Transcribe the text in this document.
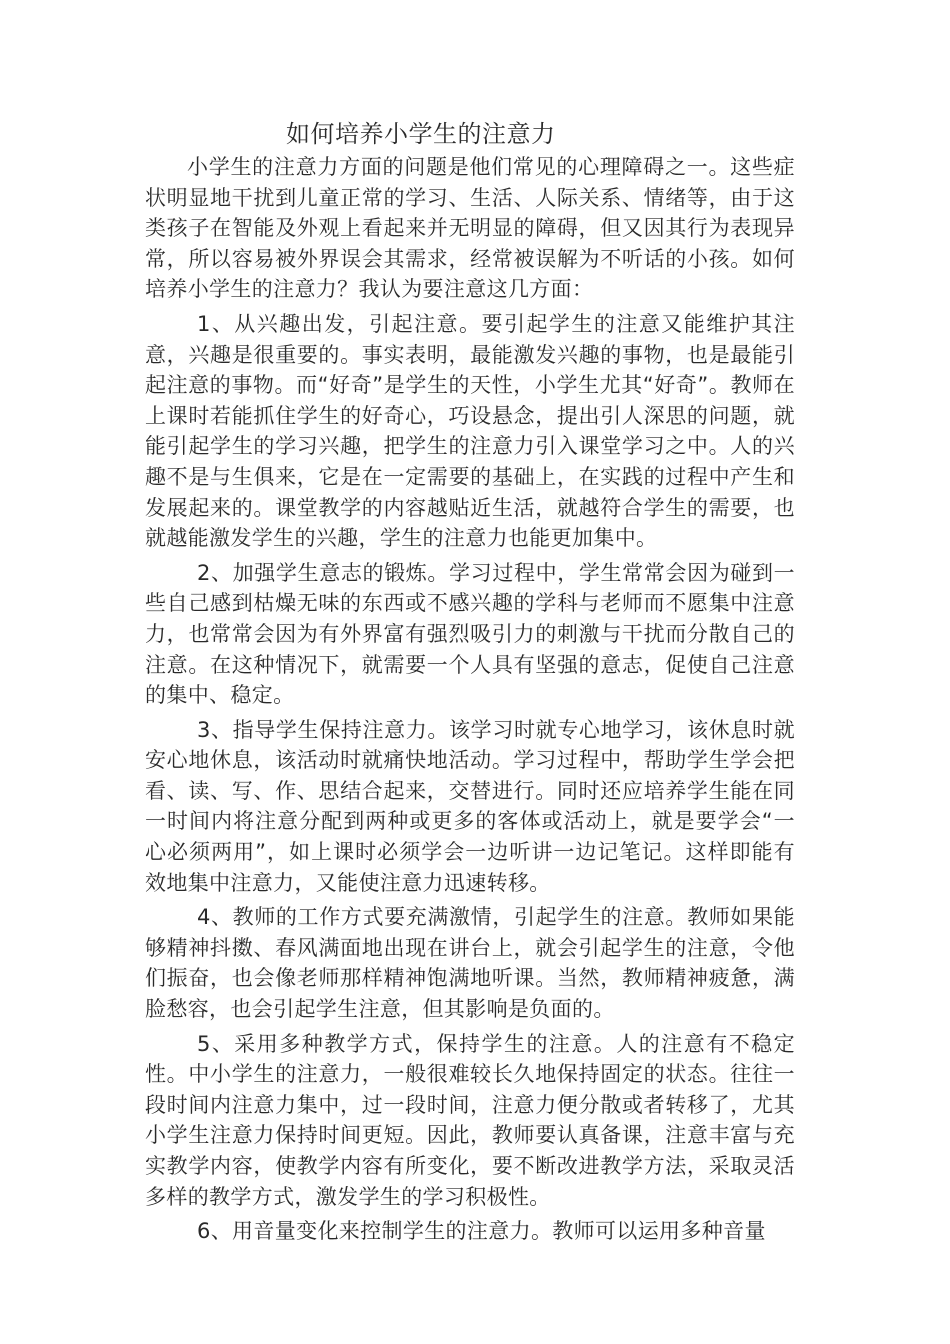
如何培养小学生的注意力

小学生的注意力方面的问题是他们常见的心理障碍之一。这些症状明显地干扰到儿童正常的学习、生活、人际关系、情绪等，由于这类孩子在智能及外观上看起来并无明显的障碍，但又因其行为表现异常，所以容易被外界误会其需求，经常被误解为不听话的小孩。如何培养小学生的注意力？我认为要注意这几方面：

1、从兴趣出发，引起注意。要引起学生的注意又能维护其注意，兴趣是很重要的。事实表明，最能激发兴趣的事物，也是最能引起注意的事物。而“好奇”是学生的天性，小学生尤其“好奇”。教师在上课时若能抓住学生的好奇心，巧设悬念，提出引人深思的问题，就能引起学生的学习兴趣，把学生的注意力引入课堂学习之中。人的兴趣不是与生俱来，它是在一定需要的基础上，在实践的过程中产生和发展起来的。课堂教学的内容越贴近生活，就越符合学生的需要，也就越能激发学生的兴趣，学生的注意力也能更加集中。

2、加强学生意志的锻炼。学习过程中，学生常常会因为碰到一些自己感到枯燥无味的东西或不感兴趣的学科与老师而不愿集中注意力，也常常会因为有外界富有强烈吸引力的刺激与干扰而分散自己的注意。在这种情况下，就需要一个人具有坚强的意志，促使自己注意的集中、稳定。

3、指导学生保持注意力。该学习时就专心地学习，该休息时就安心地休息，该活动时就痛快地活动。学习过程中，帮助学生学会把看、读、写、作、思结合起来，交替进行。同时还应培养学生能在同一时间内将注意分配到两种或更多的客体或活动上，就是要学会“一心必须两用”，如上课时必须学会一边听讲一边记笔记。这样即能有效地集中注意力，又能使注意力迅速转移。

4、教师的工作方式要充满激情，引起学生的注意。教师如果能够精神抖擞、春风满面地出现在讲台上，就会引起学生的注意，令他们振奋，也会像老师那样精神饱满地听课。当然，教师精神疲惫，满脸愁容，也会引起学生注意，但其影响是负面的。

5、采用多种教学方式，保持学生的注意。人的注意有不稳定性。中小学生的注意力，一般很难较长久地保持固定的状态。往往一段时间内注意力集中，过一段时间，注意力便分散或者转移了，尤其小学生注意力保持时间更短。因此，教师要认真备课，注意丰富与充实教学内容，使教学内容有所变化，要不断改进教学方法，采取灵活多样的教学方式，激发学生的学习积极性。

6、用音量变化来控制学生的注意力。教师可以运用多种音量
